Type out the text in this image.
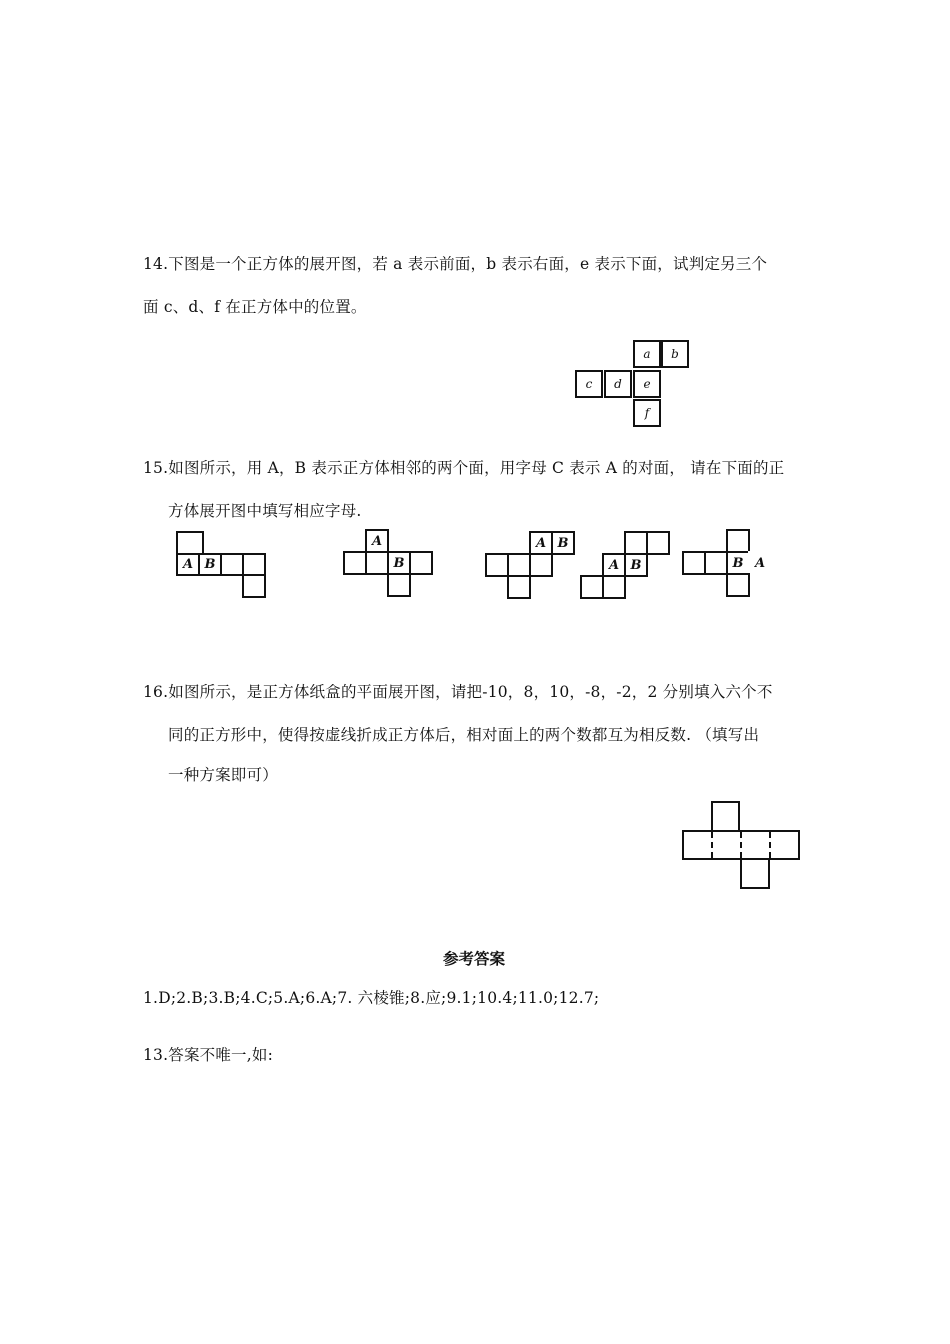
14.下图是一个正方体的展开图，若 a 表示前面，b 表示右面，e 表示下面，试判定另三个
面 c、d、f 在正方体中的位置。
a	b
c	d	e
f
15.如图所示，用 A，B 表示正方体相邻的两个面，用字母 C 表示 A 的对面， 请在下面的正
方体展开图中填写相应字母.
A B
A
B
A B
A B	B A
16.如图所示，是正方体纸盒的平面展开图，请把-10，8，10，-8，-2，2 分别填入六个不
同的正方形中，使得按虚线折成正方体后，相对面上的两个数都互为相反数. （填写出
一种方案即可）
参考答案
1.D;2.B;3.B;4.C;5.A;6.A;7. 六棱锥;8.应;9.1;10.4;11.0;12.7;
13.答案不唯一,如:
